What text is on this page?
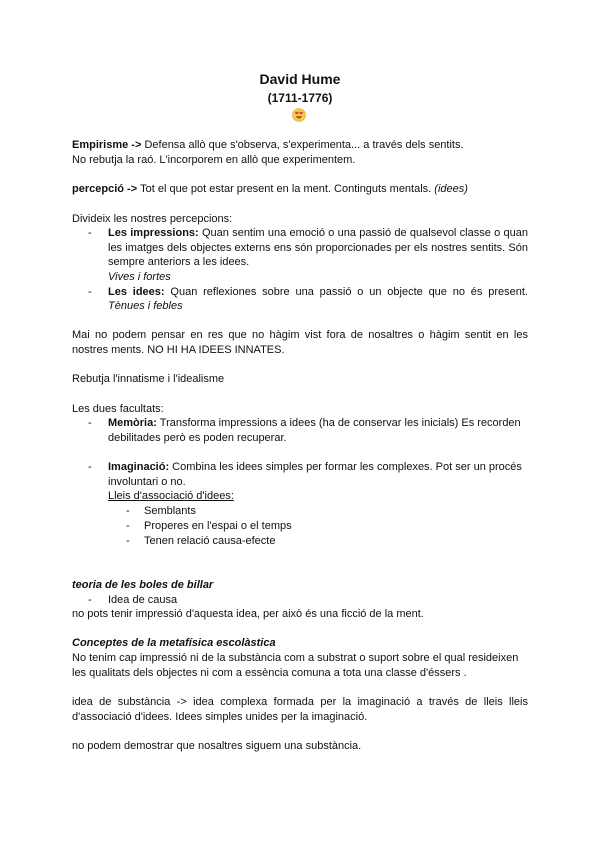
David Hume
(1711-1776)
Empirisme -> Defensa allò que s'observa, s'experimenta... a través dels sentits.
No rebutja la raó. L'incorporem en allò que experimentem.
percepció -> Tot el que pot estar present en la ment. Continguts mentals. (idees)
Divideix les nostres percepcions:
- Les impressions: Quan sentim una emoció o una passió de qualsevol classe o quan les imatges dels objectes externs ens són proporcionades per els nostres sentits. Són sempre anteriors a les idees.
Vives i fortes
- Les idees: Quan reflexiones sobre una passió o un objecte que no és present.
Tènues i febles
Mai no podem pensar en res que no hàgim vist fora de nosaltres o hàgim sentit en les nostres ments. NO HI HA IDEES INNATES.
Rebutja l'innatisme i l'idealisme
Les dues facultats:
- Memòria: Transforma impressions a idees (ha de conservar les inicials) Es recorden debilitades però es poden recuperar.
- Imaginació: Combina les idees simples per formar les complexes. Pot ser un procés involuntari o no.
Lleis d'associació d'idees:
- Semblants
- Properes en l'espai o el temps
- Tenen relació causa-efecte
teoria de les boles de billar
- Idea de causa
no pots tenir impressió d'aquesta idea, per això és una ficció de la ment.
Conceptes de la metafísica escolàstica
No tenim cap impressió ni de la substància com a substrat o suport sobre el qual resideixen les qualitats dels objectes ni com a essència comuna a tota una classe d'éssers .
idea de substància -> idea complexa formada per la imaginació a través de lleis lleis d'associació d'idees. Idees simples unides per la imaginació.
no podem demostrar que nosaltres siguem una substància.
